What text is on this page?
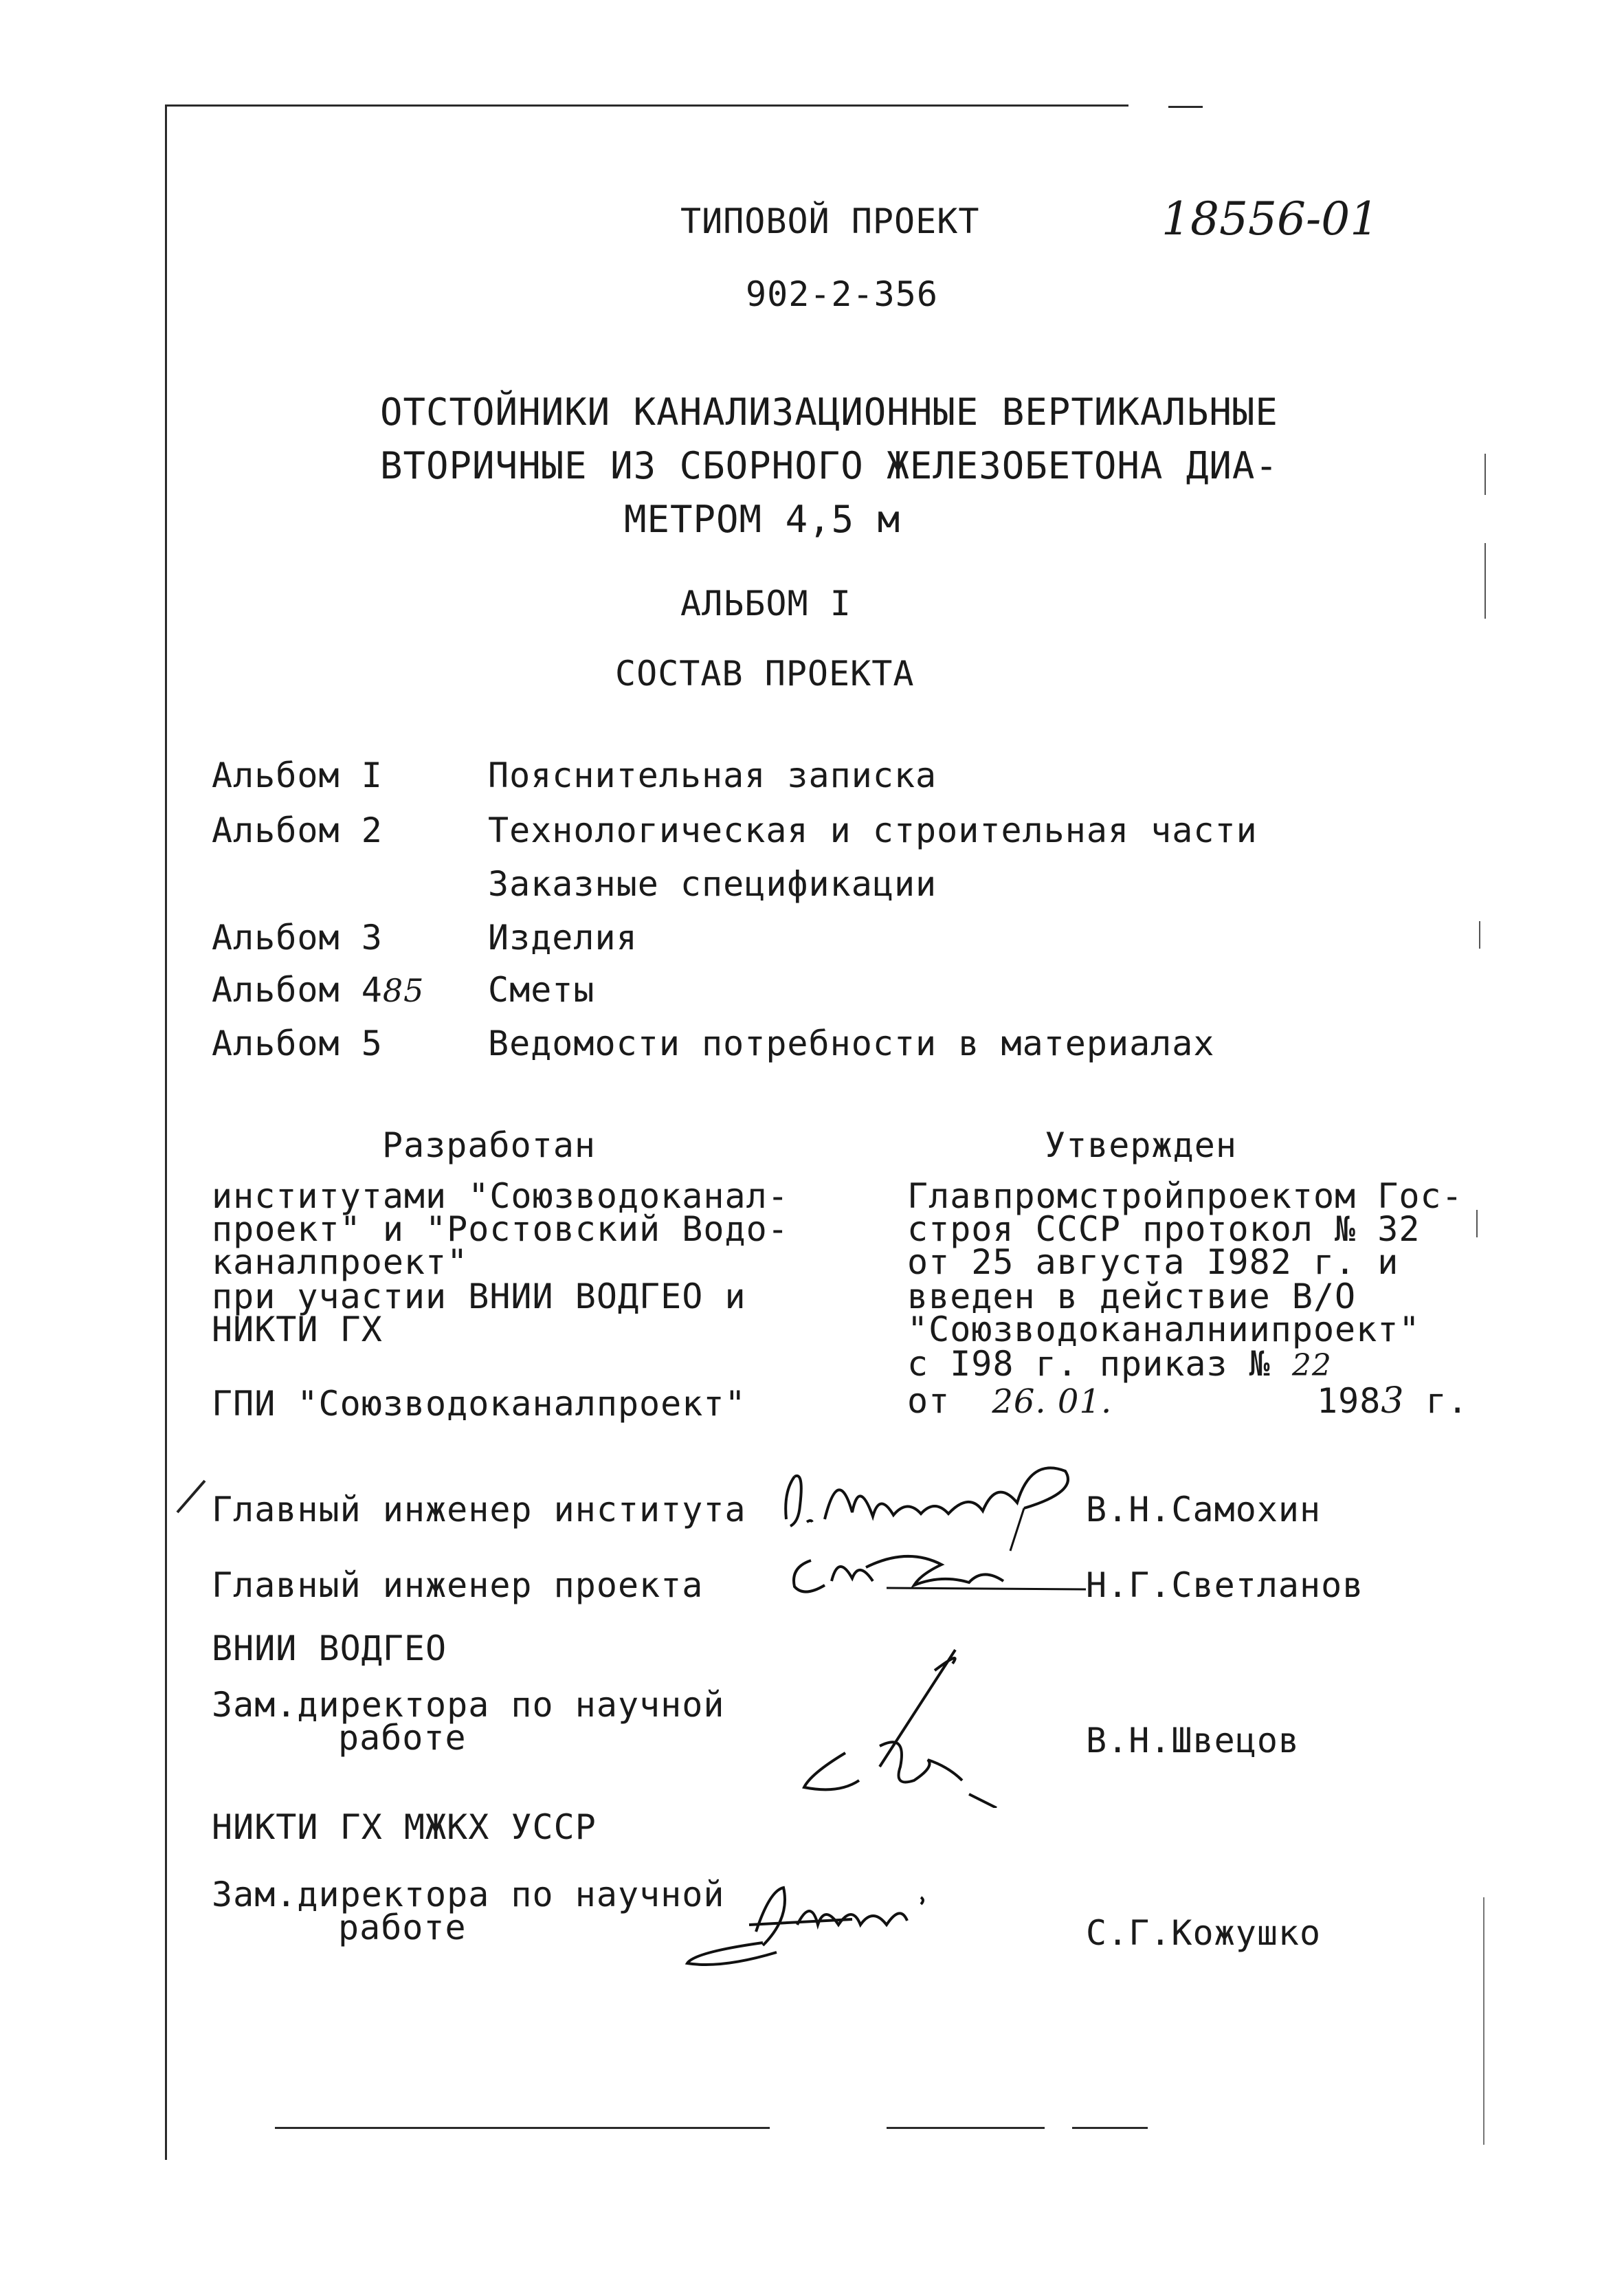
ТИПОВОЙ ПРОЕКТ	18556-01
902-2-356
ОТСТОЙНИКИ КАНАЛИЗАЦИОННЫЕ ВЕРТИКАЛЬНЫЕ
ВТОРИЧНЫЕ ИЗ СБОРНОГО ЖЕЛЕЗОБЕТОНА ДИА-
МЕТРОМ 4,5 м
АЛЬБОМ I
СОСТАВ ПРОЕКТА
Альбом I	Пояснительная записка
Альбом 2	Технологическая и строительная части
Заказные спецификации
Альбом 3	Изделия
Альбом 485 Сметы
Альбом 5	Ведомости потребности в материалах
Разработан	Утвержден
институтами "Союзводоканал-
проект" и "Ростовский Водо-
каналпроект"
при участии ВНИИ ВОДГЕО и
НИКТИ ГХ
ГПИ "Союзводоканалпроект"
Главпромстройпроектом Гос-
строя СССР протокол № 32
от 25 августа I982 г. и
введен в действие В/О
"Союзводоканалниипроект"
с I98 г. приказ № 22
от 26. 01.	1983 г.
Главный инженер института	В.Н.Самохин
Главный инженер проекта	Н.Г.Светланов
ВНИИ ВОДГЕО
Зам.директора по научной
работе	В.Н.Швецов
НИКТИ ГХ МЖКХ УССР
Зам.директора по научной
работе	С.Г.Кожушко
